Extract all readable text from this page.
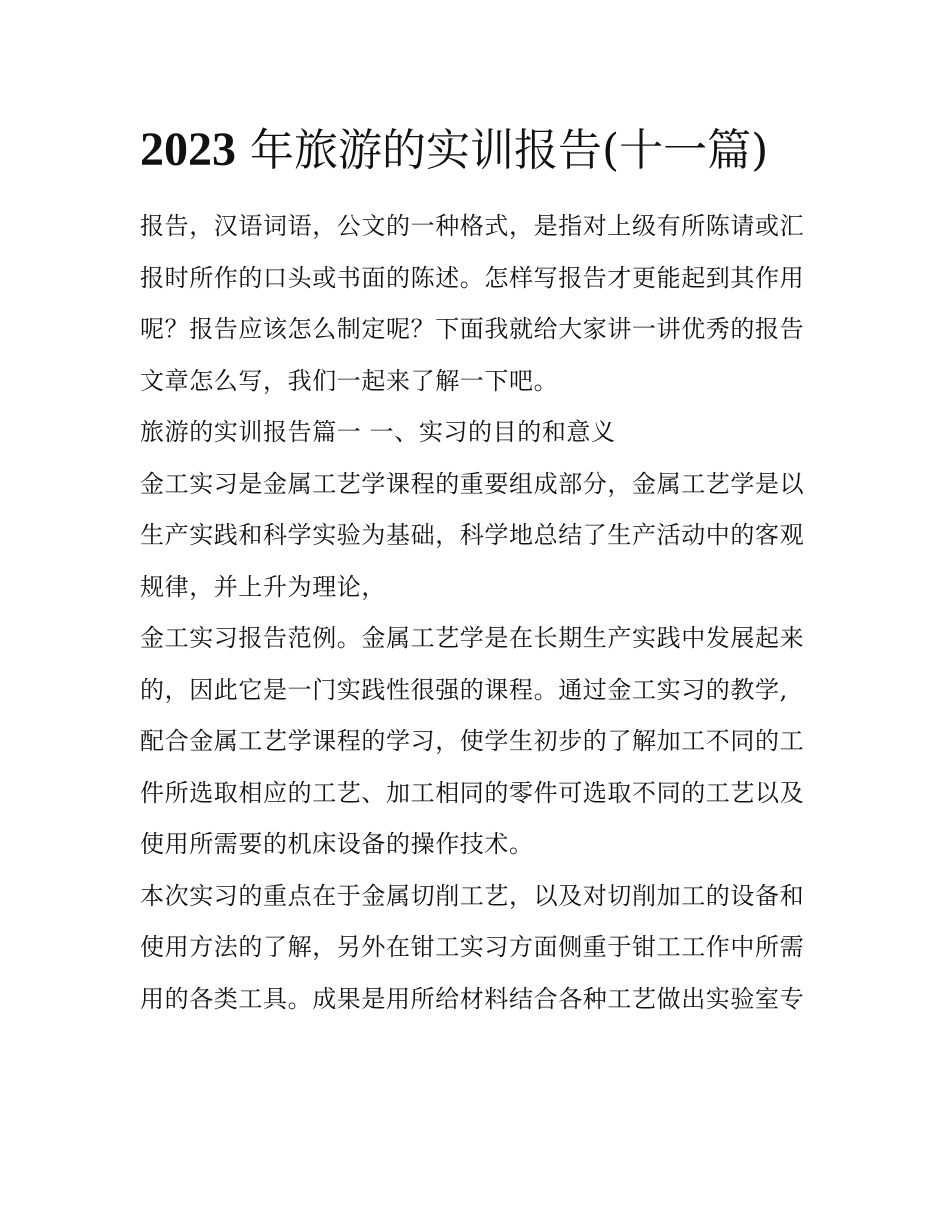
2023 年旅游的实训报告(十一篇)
报告，汉语词语，公文的一种格式，是指对上级有所陈请或汇
报时所作的口头或书面的陈述。怎样写报告才更能起到其作用
呢？报告应该怎么制定呢？下面我就给大家讲一讲优秀的报告
文章怎么写，我们一起来了解一下吧。
旅游的实训报告篇一 一、实习的目的和意义
金工实习是金属工艺学课程的重要组成部分，金属工艺学是以
生产实践和科学实验为基础，科学地总结了生产活动中的客观
规律，并上升为理论，
金工实习报告范例。金属工艺学是在长期生产实践中发展起来
的，因此它是一门实践性很强的课程。通过金工实习的教学,
配合金属工艺学课程的学习，使学生初步的了解加工不同的工
件所选取相应的工艺、加工相同的零件可选取不同的工艺以及
使用所需要的机床设备的操作技术。
本次实习的重点在于金属切削工艺，以及对切削加工的设备和
使用方法的了解，另外在钳工实习方面侧重于钳工工作中所需
用的各类工具。成果是用所给材料结合各种工艺做出实验室专
